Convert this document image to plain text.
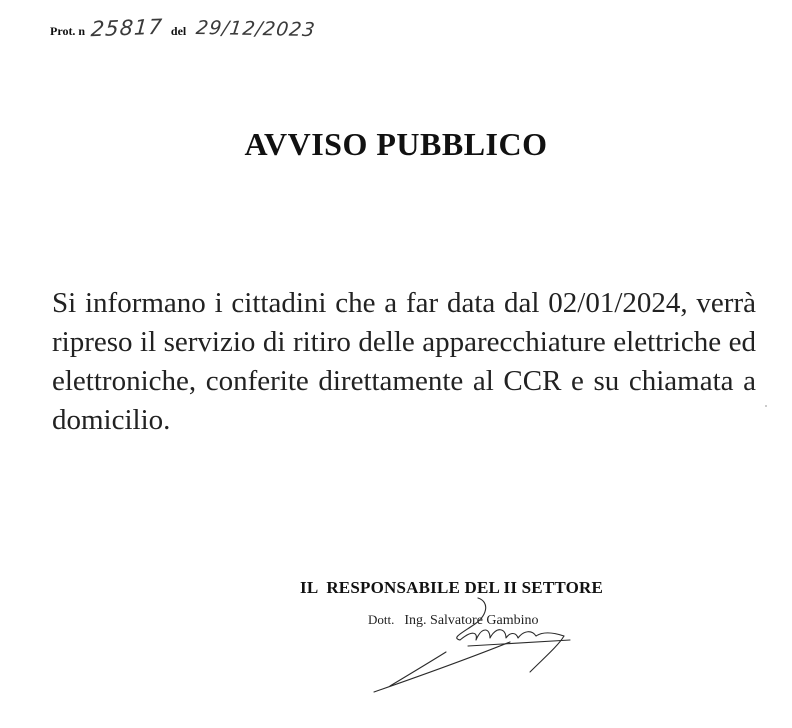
Prot. n 25817 del 29/12/2023
AVVISO PUBBLICO

Si informano i cittadini che a far data dal 02/01/2024, verrà ripreso il servizio di ritiro delle apparecchiature elettriche ed elettroniche, conferite direttamente al CCR e su chiamata a domicilio.

IL  RESPONSABILE DEL II SETTORE

Dott. Ing. Salvatore Gambino
